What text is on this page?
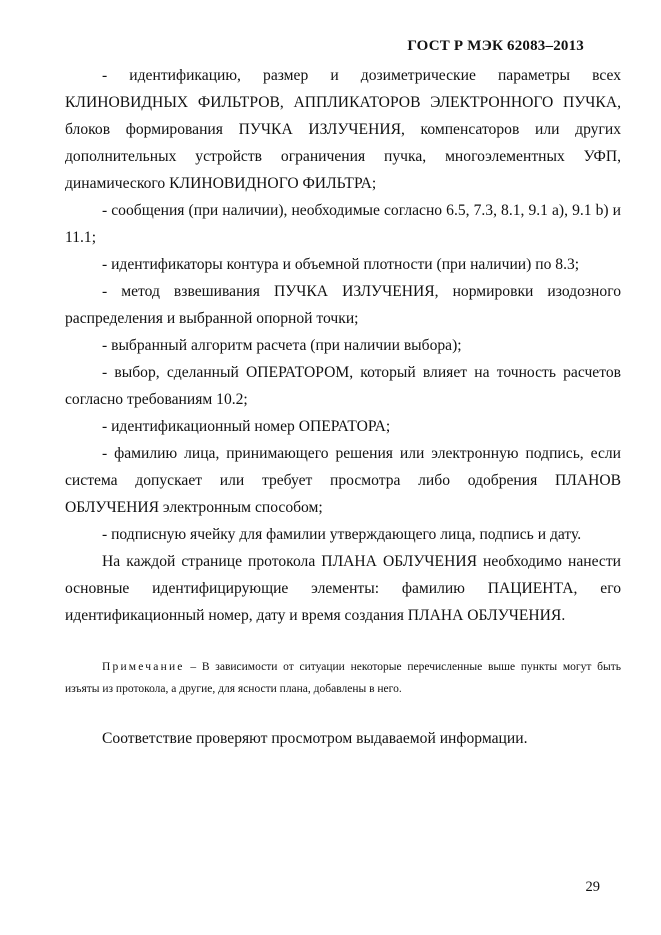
ГОСТ Р МЭК 62083–2013

- идентификацию, размер и дозиметрические параметры всех КЛИНОВИДНЫХ ФИЛЬТРОВ, АППЛИКАТОРОВ ЭЛЕКТРОННОГО ПУЧКА, блоков формирования ПУЧКА ИЗЛУЧЕНИЯ, компенсаторов или других дополнительных устройств ограничения пучка, многоэлементных УФП, динамического КЛИНОВИДНОГО ФИЛЬТРА;

- сообщения (при наличии), необходимые согласно 6.5, 7.3, 8.1, 9.1 а), 9.1 b) и 11.1;

- идентификаторы контура и объемной плотности (при наличии) по 8.3;

- метод взвешивания ПУЧКА ИЗЛУЧЕНИЯ, нормировки изодозного распределения и выбранной опорной точки;

- выбранный алгоритм расчета (при наличии выбора);

- выбор, сделанный ОПЕРАТОРОМ, который влияет на точность расчетов согласно требованиям 10.2;

- идентификационный номер ОПЕРАТОРА;

- фамилию лица, принимающего решения или электронную подпись, если система допускает или требует просмотра либо одобрения ПЛАНОВ ОБЛУЧЕНИЯ электронным способом;

- подписную ячейку для фамилии утверждающего лица, подпись и дату.

На каждой странице протокола ПЛАНА ОБЛУЧЕНИЯ необходимо нанести основные идентифицирующие элементы: фамилию ПАЦИЕНТА, его идентификационный номер, дату и время создания ПЛАНА ОБЛУЧЕНИЯ.

Примечание – В зависимости от ситуации некоторые перечисленные выше пункты могут быть изъяты из протокола, а другие, для ясности плана, добавлены в него.
Соответствие проверяют просмотром выдаваемой информации.
29
